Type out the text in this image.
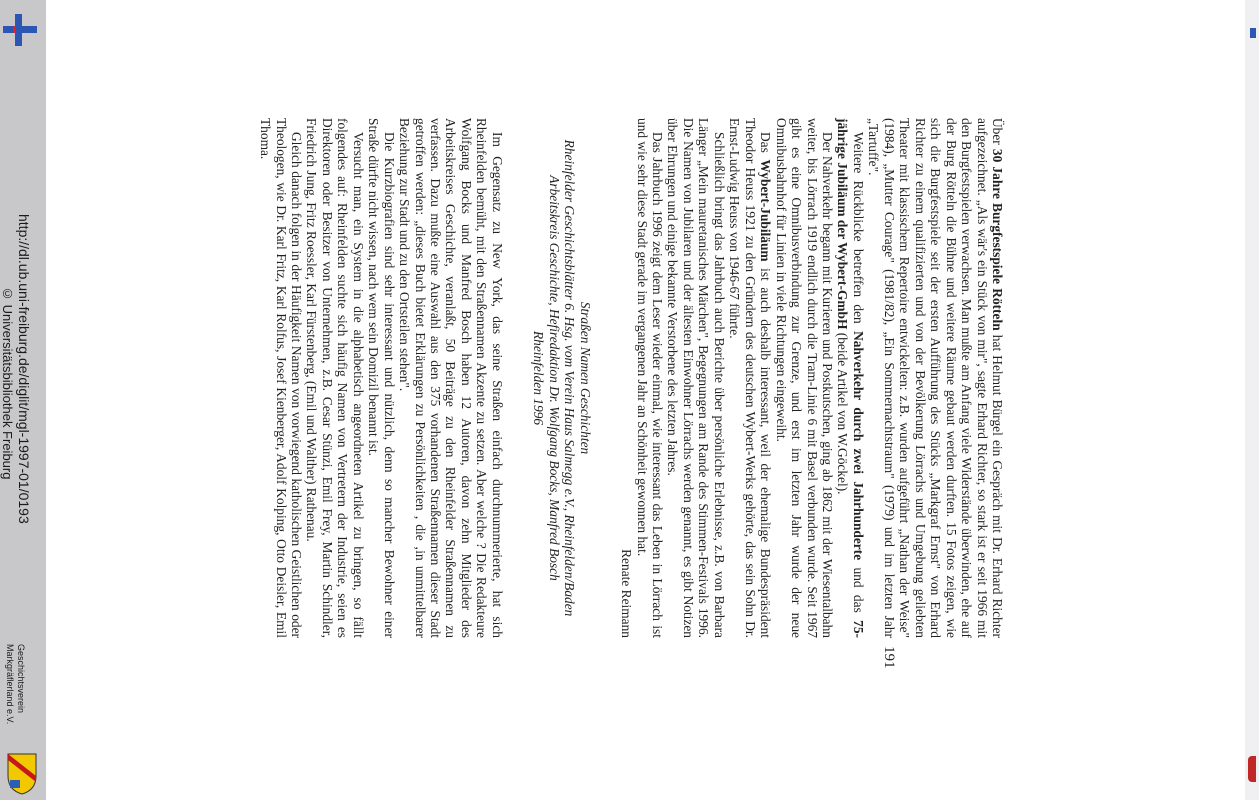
http://dl.ub.uni-freiburg.de/diglit/mgl-1997-01/0193
© Universitätsbibliothek Freiburg
Geschichtsverein
Markgräflerland e.V.

Über 30 Jahre Burgfestspiele Rötteln hat Helmut Bürgel ein Gespräch mit Dr. Erhard Richter aufgezeichnet. „Als wär's ein Stück von mir", sagte Erhard Richter, so stark ist er seit 1966 mit den Burgfestspielen verwachsen. Man mußte am Anfang viele Widerstände überwinden, ehe auf der Burg Rötteln die Bühne und weitere Räume gebaut werden durften. 15 Fotos zeigen, wie sich die Burgfestspiele seit der ersten Aufführung des Stücks „Markgraf Ernst" von Erhard Richter zu einem qualifizierten und von der Bevölkerung Lörrachs und Umgebung geliebten Theater mit klassischem Repertoire entwickelten: z.B. wurden aufgeführt „Nathan der Weise" (1984), „Mutter Courage" (1981/82), „Ein Sommernachtstraum" (1979) und im letzten Jahr „Tartuffe".

Weitere Rückblicke betreffen den Nahverkehr durch zwei Jahrhunderte und das 75-jährige Jubiläum der Wybert-GmbH (beide Artikel von W.Göckel).

Der Nahverkehr begann mit Kurieren und Postkutschen, ging ab 1862 mit der Wiesentalbahn weiter, bis Lörrach 1919 endlich durch die Tram-Linie 6 mit Basel verbunden wurde. Seit 1967 gibt es eine Omnibusverbindung zur Grenze, und erst im letzten Jahr wurde der neue Omnibusbahnhof für Linien in viele Richtungen eingeweiht.

Das Wybert-Jubiläum ist auch deshalb interessant, weil der ehemalige Bundespräsident Theodor Heuss 1921 zu den Gründern des deutschen Wybert-Werks gehörte, das sein Sohn Dr. Ernst-Ludwig Heuss von 1946-67 führte.

Schließlich bringt das Jahrbuch auch Berichte über persönliche Erlebnisse, z.B. von Barbara Länger „Mein mauretanisches Märchen", Begegnungen am Rande des Stimmen-Festivals 1996. Die Namen von Jubilaren und der ältesten Einwohner Lörrachs werden genannt, es gibt Notizen über Ehrungen und einige bekannte Verstorbene des letzten Jahres.

Das Jahrbuch 1996 zeigt dem Leser wieder einmal, wie interessant das Leben in Lörrach ist und wie sehr diese Stadt gerade im vergangenen Jahr an Schönheit gewonnen hat.

Renate Reimann

Straßen Namen Geschichten
Rheinfelder Geschichtsblätter 6. Hsg. vom Verein Haus Salmegg e.V., Rheinfelden/Baden
Arbeitskreis Geschichte, Hefiredaktion Dr. Wolfgang Bocks, Manfred Bosch
Rheinfelden 1996

Im Gegensatz zu New York, das seine Straßen einfach durchnummerierte, hat sich Rheinfelden bemüht, mit den Straßennamen Akzente zu setzen. Aber welche ? Die Redakteure Wolfgang Bocks und Manfred Bosch haben 12 Autoren, davon zehn Mitglieder des Arbeitskreises Geschichte, veranlaßt, 50 Beiträge zu den Rheinfelder Straßennamen zu verfassen. Dazu mußte eine Auswahl aus den 375 vorhandenen Straßennamen dieser Stadt getroffen werden: „dieses Buch bietet Erklärungen zu Persönlichkeiten , die ‚in unmittelbarer Beziehung zur Stadt und zu den Ortsteilen stehen".

Die Kurzbiografien sind sehr interessant und nützlich, denn so mancher Bewohner einer Straße dürfte nicht wissen, nach wem sein Domizil benannt ist.

Versucht man, ein System in die alphabetisch angeordneten Artikel zu bringen, so fällt folgendes auf: Rheinfelden suchte sich häufig Namen von Vertretern der Industrie, seien es Direktoren oder Besitzer von Unternehmen, z.B. Cesar Stünzi, Emil Frey, Martin Schindler, Friedrich Jung, Fritz Roessler, Karl Fürstenberg, (Emil und Walther) Rathenau.

Gleich danach folgen in der Häufigkeit Namen von vorwiegend katholischen Geistlichen oder Theologen, wie Dr. Karl Fritz, Karl Rolfus, Josef Kienberger, Adolf Kolping, Otto Deisler, Emil Thoma.

191
